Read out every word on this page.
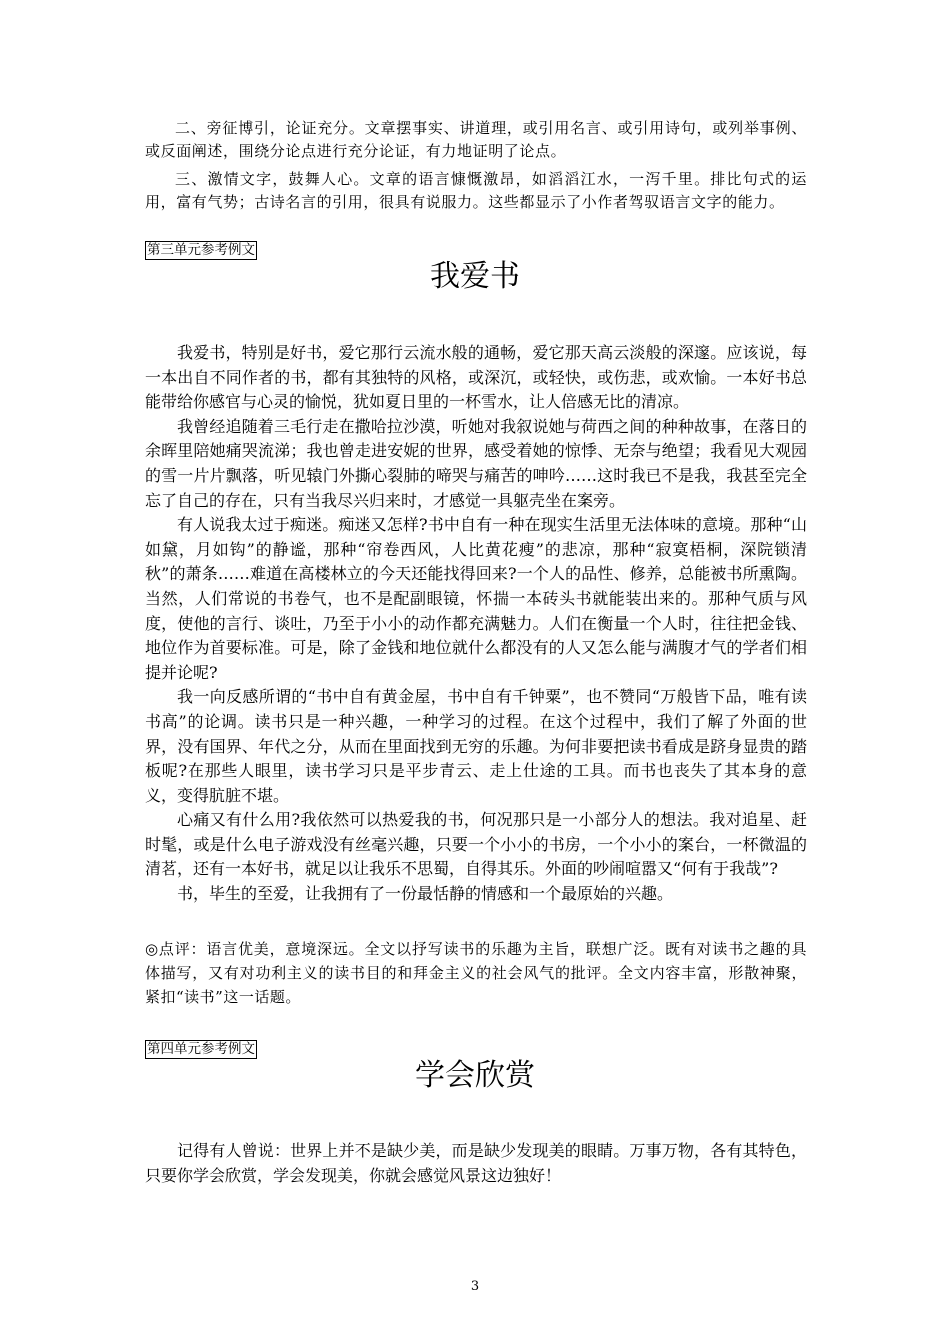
二、旁征博引，论证充分。文章摆事实、讲道理，或引用名言、或引用诗句，或列举事例、或反面阐述，围绕分论点进行充分论证，有力地证明了论点。

三、激情文字，鼓舞人心。文章的语言慷慨激昂，如滔滔江水，一泻千里。排比句式的运用，富有气势；古诗名言的引用，很具有说服力。这些都显示了小作者驾驭语言文字的能力。

第三单元参考例文
我爱书

我爱书，特别是好书，爱它那行云流水般的通畅，爱它那天高云淡般的深邃。应该说，每一本出自不同作者的书，都有其独特的风格，或深沉，或轻快，或伤悲，或欢愉。一本好书总能带给你感官与心灵的愉悦，犹如夏日里的一杯雪水，让人倍感无比的清凉。

我曾经追随着三毛行走在撒哈拉沙漠，听她对我叙说她与荷西之间的种种故事，在落日的余晖里陪她痛哭流涕；我也曾走进安妮的世界，感受着她的惊悸、无奈与绝望；我看见大观园的雪一片片飘落，听见辕门外撕心裂肺的啼哭与痛苦的呻吟……这时我已不是我，我甚至完全忘了自己的存在，只有当我尽兴归来时，才感觉一具躯壳坐在案旁。

有人说我太过于痴迷。痴迷又怎样?书中自有一种在现实生活里无法体味的意境。那种“山如黛，月如钩”的静谧，那种“帘卷西风，人比黄花瘦”的悲凉，那种“寂寞梧桐，深院锁清秋”的萧条……难道在高楼林立的今天还能找得回来?一个人的品性、修养，总能被书所熏陶。当然，人们常说的书卷气，也不是配副眼镜，怀揣一本砖头书就能装出来的。那种气质与风度，使他的言行、谈吐，乃至于小小的动作都充满魅力。人们在衡量一个人时，往往把金钱、地位作为首要标准。可是，除了金钱和地位就什么都没有的人又怎么能与满腹才气的学者们相提并论呢?

我一向反感所谓的“书中自有黄金屋，书中自有千钟粟”，也不赞同“万般皆下品，唯有读书高”的论调。读书只是一种兴趣，一种学习的过程。在这个过程中，我们了解了外面的世界，没有国界、年代之分，从而在里面找到无穷的乐趣。为何非要把读书看成是跻身显贵的踏板呢?在那些人眼里，读书学习只是平步青云、走上仕途的工具。而书也丧失了其本身的意义，变得肮脏不堪。

心痛又有什么用?我依然可以热爱我的书，何况那只是一小部分人的想法。我对追星、赶时髦，或是什么电子游戏没有丝毫兴趣，只要一个小小的书房，一个小小的案台，一杯微温的清茗，还有一本好书，就足以让我乐不思蜀，自得其乐。外面的吵闹喧嚣又“何有于我哉”?

书，毕生的至爱，让我拥有了一份最恬静的情感和一个最原始的兴趣。

◎点评：语言优美，意境深远。全文以抒写读书的乐趣为主旨，联想广泛。既有对读书之趣的具体描写，又有对功利主义的读书目的和拜金主义的社会风气的批评。全文内容丰富，形散神聚，紧扣“读书”这一话题。

第四单元参考例文
学会欣赏

记得有人曾说：世界上并不是缺少美，而是缺少发现美的眼睛。万事万物，各有其特色，只要你学会欣赏，学会发现美，你就会感觉风景这边独好！

3
